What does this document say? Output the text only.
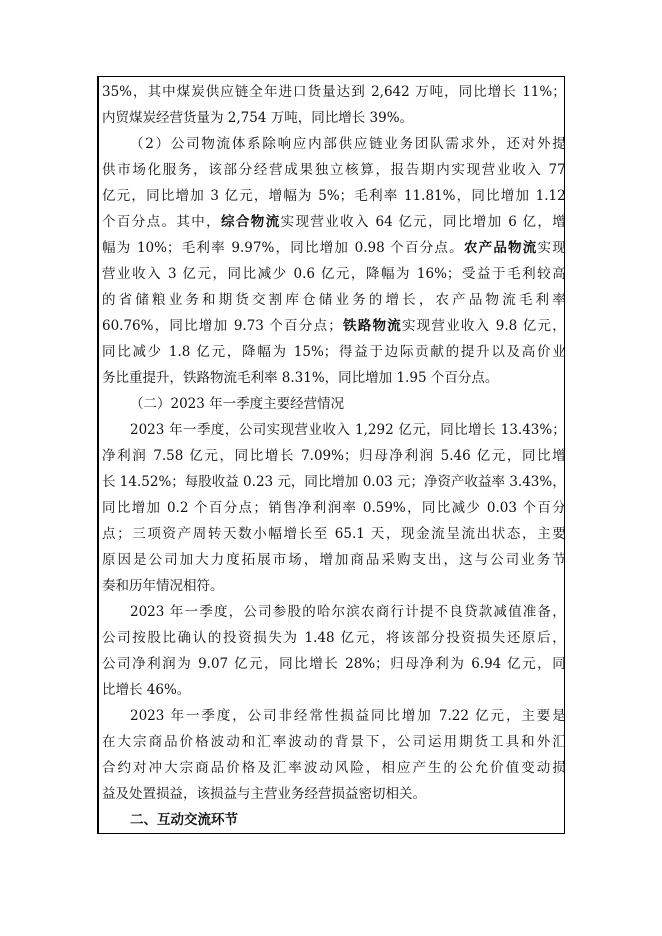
35%，其中煤炭供应链全年进口货量达到 2,642 万吨，同比增长 11%；
内贸煤炭经营货量为 2,754 万吨，同比增长 39%。
（2）公司物流体系除响应内部供应链业务团队需求外，还对外提
供市场化服务，该部分经营成果独立核算，报告期内实现营业收入 77
亿元，同比增加 3 亿元，增幅为 5%；毛利率 11.81%，同比增加 1.12
个百分点。其中，综合物流实现营业收入 64 亿元，同比增加 6 亿，增
幅为 10%；毛利率 9.97%，同比增加 0.98 个百分点。农产品物流实现
营业收入 3 亿元，同比减少 0.6 亿元，降幅为 16%；受益于毛利较高
的省储粮业务和期货交割库仓储业务的增长，农产品物流毛利率
60.76%，同比增加 9.73 个百分点；铁路物流实现营业收入 9.8 亿元，
同比减少 1.8 亿元，降幅为 15%；得益于边际贡献的提升以及高价业
务比重提升，铁路物流毛利率 8.31%，同比增加 1.95 个百分点。
（二）2023 年一季度主要经营情况
2023 年一季度，公司实现营业收入 1,292 亿元，同比增长 13.43%；
净利润 7.58 亿元，同比增长 7.09%；归母净利润 5.46 亿元，同比增
长 14.52%；每股收益 0.23 元，同比增加 0.03 元；净资产收益率 3.43%，
同比增加 0.2 个百分点；销售净利润率 0.59%，同比减少 0.03 个百分
点；三项资产周转天数小幅增长至 65.1 天，现金流呈流出状态，主要
原因是公司加大力度拓展市场，增加商品采购支出，这与公司业务节
奏和历年情况相符。
2023 年一季度，公司参股的哈尔滨农商行计提不良贷款减值准备，
公司按股比确认的投资损失为 1.48 亿元，将该部分投资损失还原后，
公司净利润为 9.07 亿元，同比增长 28%；归母净利为 6.94 亿元，同
比增长 46%。
2023 年一季度，公司非经常性损益同比增加 7.22 亿元，主要是
在大宗商品价格波动和汇率波动的背景下，公司运用期货工具和外汇
合约对冲大宗商品价格及汇率波动风险，相应产生的公允价值变动损
益及处置损益，该损益与主营业务经营损益密切相关。
二、互动交流环节
